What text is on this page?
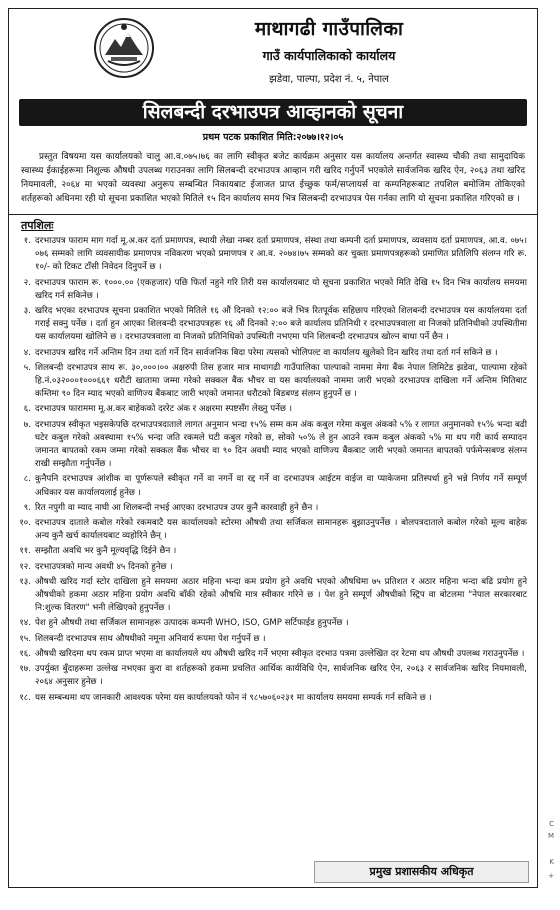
माथागढी गाउँपालिका
गाउँ कार्यपालिकाको कार्यालय
झडेवा, पाल्पा, प्रदेश नं. ५, नेपाल
सिलबन्दी दरभाउपत्र आव्हानको सूचना
प्रथम पटक प्रकाशित मिति:२०७७।१२।०५
प्रस्तुत विषयमा यस कार्यालयको चालु आ.व.०७५।७६ का लागि स्वीकृत बजेट कार्यक्रम अनुसार यस कार्यालय अन्तर्गत स्वास्थ्य चौकी तथा सामुदायिक स्वास्थ्य ईकाईहरूमा निशुल्क औषधी उपलब्ध गराउनका लागि सिलबन्दी दरभाउपत्र आव्हान गरी खरिद गर्नुपर्ने भएकोले सार्वजनिक खरिद ऐन, २०६३ तथा खरिद नियमावली, २०६४ मा भएको व्यवस्था अनुरूप सम्बन्धित निकायबाट ईजाजत प्राप्त ईच्छुक फर्म/सप्लायर्स वा कम्पनिहरूबाट तपशिल बमोजिम तोकिएको शर्तहरूको अधिनमा रही यो सूचना प्रकाशित भएको मितिले १५ दिन कार्यालय समय भित्र सिलबन्दी दरभाउपत्र पेस गर्नका लागि यो सूचना प्रकाशित गरिएको छ ।
तपशिलः
१. दरभाउपत्र फाराम माग गर्दा मू.अ.कर दर्ता प्रमाणपत्र, स्थायी लेखा नम्बर दर्ता प्रमाणपत्र, संस्था तथा कम्पनी दर्ता प्रमाणपत्र, व्यवसाय दर्ता प्रमाणपत्र, आ.व. ०७५।०७६ सम्मको लागि व्यवसायीक प्रमाणपत्र नविकरण भएको प्रमाणपत्र र आ.व. २०७४।७५ सम्मको कर चुक्ता प्रमाणपत्रहरूको प्रमाणित प्रतिलिपि संलग्न गरि रू. १०/- को टिकट टाँसी निवेदन दिनुपर्ने छ ।
२. दरभाउपत्र फाराम रू. १०००.०० (एकहजार) पछि फिर्ता नहुने गरि तिरी यस कार्यालयबाट यो सूचना प्रकाशित भएको मिति देखि १५ दिन भित्र कार्यालय समयमा खरिद गर्न सकिनेछ ।
३. खरिद भएका दरभाउपत्र सूचना प्रकाशित भएको मितिले १६ औं दिनको १२:०० बजे भित्र रितपूर्वक सहिछाप गरिएको शिलबन्दी दरभाउपत्र यस कार्यालयमा दर्ता गराई सक्नु पर्नेछ । दर्ता हुन आएका शिलबन्दी दरभाउपत्रहरू १६ औं दिनको २:०० बजे कार्यालय प्रतिनिधी र दरभाउपत्रवाला वा निजको प्रतिनिधीको उपस्थितीमा यस कार्यालयमा खोलिने छ । दरभाउपत्रवाला वा निजको प्रतिनिधिको उपस्थिती नभएमा पनि शिलबन्दी दरभाउपत्र खोल्न बाधा पर्ने छैन ।
४. दरभाउपत्र खरिद गर्ने अन्तिम दिन तथा दर्ता गर्ने दिन सार्वजनिक बिदा परेमा त्यसको भोलिपल्ट वा कार्यालय खुलेको दिन खरिद तथा दर्ता गर्न सकिने छ ।
५. शिलबन्दी दरभाउपत्र साथ रू. ३०,०००।०० अक्षरुपी तिस हजार मात्र माथागढी गाउँपालिका पाल्पाको नाममा मेगा बैंक नेपाल लिमिटेड झडेवा, पाल्पामा रहेको हि.नं.०३२०००१०००६६१ धरौटी खातामा जम्मा गरेको सक्कल बैंक भौचर वा यस कार्यालयको नाममा जारी भएको दरभाउपत्र दाखिला गर्ने अन्तिम मितिबाट कम्तिमा ९० दिन म्याद भएको वाणिज्य बैंकबाट जारी भएको जमानत धरौटको बिडबण्ड संलग्न हुनुपर्ने छ ।
६. दरभाउपत्र फाराममा मू.अ.कर बाहेकको दररेट अंक र अक्षरमा स्पष्टसँग लेख्नु पर्नेछ ।
७. दरभाउपत्र स्वीकृत भइसकेपछि दरभाउपत्रदाताले लागत अनुमान भन्दा १५% सम्म कम अंक कबुल गरेमा कबुल अंकको ५% र लागत अनुमानको १५% भन्दा बढी घटेर कबुल गरेको अवस्थामा १५% भन्दा जति रकमले घटी कबुल गरेको छ, सोको ५०% ले हुन आउने रकम कबुल अंकको ५% मा थप गरी कार्य सम्पादन जमानत बापतको रकम जम्मा गरेको सक्कल बैंक भौचर वा ९० दिन अवधी म्याद भएको वाणिज्य बैंकबाट जारी भएको जमानत बापतको पर्फमेन्सबण्ड संलग्न राखी सम्झौता गर्नुपर्नेछ ।
८. कुनैपनि दरभाउपत्र आंशीक वा पूर्णरूपले स्वीकृत गर्ने वा नगर्ने वा रद्द गर्ने वा दरभाउपत्र आईटम वाईज वा प्याकेजमा प्रतिस्पर्धा हुने भन्ने निर्णय गर्ने सम्पूर्ण अधिकार यस कार्यालयलाई हुनेछ ।
९. रित नपुगी वा म्याद नाघी आ शिलबन्दी नभई आएका दरभाउपत्र उपर कुनै कारवाही हुने छैन ।
१०. दरभाउपत्र दाताले कबोल गरेको रकमबाटै यस कार्यालयको स्टोरमा औषधी तथा सर्जिकल सामानहरू बुझाउनुपर्नेछ । बोलपत्रदाताले कबोल गरेको मूल्य बाहेक अन्य कुनै खर्च कार्यालयबाट व्यहोरिने छैन् ।
११. सम्झौता अवधि भर कुनै मूल्यवृद्धि दिईने छैन ।
१२. दरभाउपत्रको मान्य अवधी ४५ दिनको हुनेछ ।
१३. औषधी खरिद गर्दा स्टोर दाखिला हुने समयमा अठार महिना भन्दा कम प्रयोग हुने अवधि भएको औषधिमा ७५ प्रतिशत र अठार महिना भन्दा बढि प्रयोग हुने औषधीको हकमा अठार महिना प्रयोग अवधि बाँकी रहेको औषधि मात्र स्वीकार गरिने छ । पेश हुने सम्पूर्ण औषधीको स्ट्रिप वा बोटलमा "नेपाल सरकारबाट नि:शुल्क वितरण" भनी लेखिएको हुनुपर्नेछ ।
१४. पेश हुने औषधी तथा सर्जिकल सामानहरू उत्पादक कम्पनी WHO, ISO, GMP सर्टिफाईड हुनुपर्नेछ ।
१५. शिलबन्दी दरभाउपत्र साथ औषधीको नमूना अनिवार्य रूपमा पेश गर्नुपर्ने छ ।
१६. औषधी खरिदमा थप रकम प्राप्त भएमा वा कार्यालयले थप औषधी खरिद गर्ने भएमा स्वीकृत दरभाउ पत्रमा उल्लेखित दर रेटमा थप औषधी उपलब्ध गराउनुपर्नेछ ।
१७. उपर्युक्त बुँदाहरूमा उल्लेख नभएका कुरा वा शर्तहरूको हकमा प्रचलित आर्थिक कार्यविधि ऐन, सार्वजनिक खरिद ऐन, २०६३ र सार्वजनिक खरिद नियमावली, २०६४ अनुसार हुनेछ ।
१८. यस सम्बन्धमा थप जानकारी आवश्यक परेमा यस कार्यालयको फोन नं ९८५७०६०२३१ मा कार्यालय समयमा सम्पर्क गर्न सकिने छ ।
प्रमुख प्रशासकीय अधिकृत
C
M
K
+
